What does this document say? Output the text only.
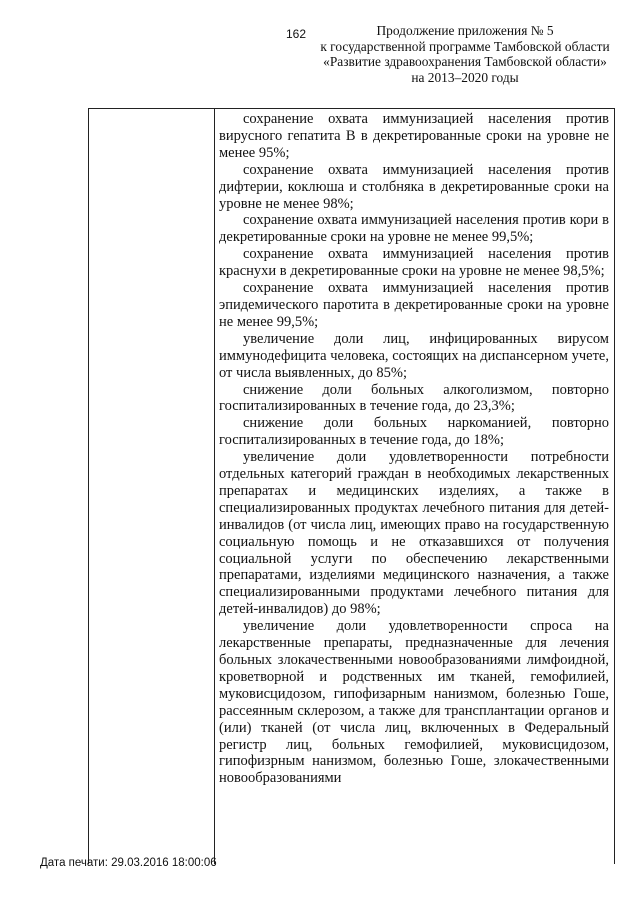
162	Продолжение приложения № 5
к государственной программе Тамбовской области
«Развитие здравоохранения Тамбовской области»
на 2013–2020 годы

сохранение охвата иммунизацией населения против вирусного гепатита В в декретированные сроки на уровне не менее 95%;

сохранение охвата иммунизацией населения против дифтерии, коклюша и столбняка в декретированные сроки на уровне не менее 98%;

сохранение охвата иммунизацией населения против кори в декретированные сроки на уровне не менее 99,5%;

сохранение охвата иммунизацией населения против краснухи в декретированные сроки на уровне не менее 98,5%;

сохранение охвата иммунизацией населения против эпидемического паротита в декретированные сроки на уровне не менее 99,5%;

увеличение доли лиц, инфицированных вирусом иммунодефицита человека, состоящих на диспансерном учете, от числа выявленных, до 85%;

снижение доли больных алкоголизмом, повторно госпитализированных в течение года, до 23,3%;

снижение доли больных наркоманией, повторно госпитализированных в течение года, до 18%;

увеличение доли удовлетворенности потребности отдельных категорий граждан в необходимых лекарственных препаратах и медицинских изделиях, а также в специализированных продуктах лечебного питания для детей-инвалидов (от числа лиц, имеющих право на государственную социальную помощь и не отказавшихся от получения социальной услуги по обеспечению лекарственными препаратами, изделиями медицинского назначения, а также специализированными продуктами лечебного питания для детей-инвалидов) до 98%;

увеличение доли удовлетворенности спроса на лекарственные препараты, предназначенные для лечения больных злокачественными новообразованиями лимфоидной, кроветворной и родственных им тканей, гемофилией, муковисцидозом, гипофизарным нанизмом, болезнью Гоше, рассеянным склерозом, а также для трансплантации органов и (или) тканей (от числа лиц, включенных в Федеральный регистр лиц, больных гемофилией, муковисцидозом, гипофизрным нанизмом, болезнью Гоше, злокачественными новообразованиями

Дата печати: 29.03.2016 18:00:06
